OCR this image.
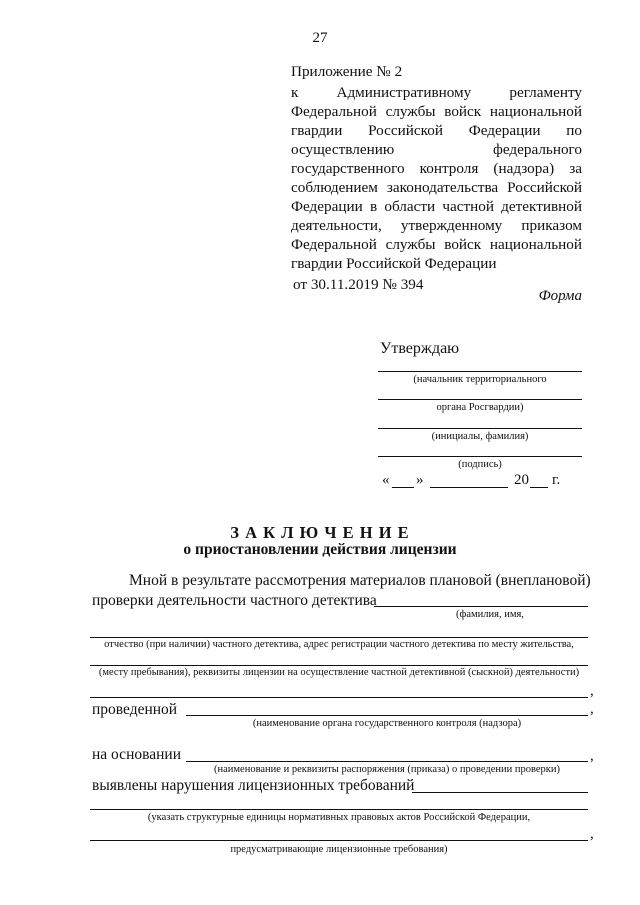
27
Приложение № 2
к Административному регламенту
Федеральной службы войск национальной
гвардии Российской Федерации по
осуществлению федерального
государственного контроля (надзора) за
соблюдением законодательства Российской
Федерации в области частной детективной
деятельности, утвержденному приказом
Федеральной службы войск национальной
гвардии Российской Федерации
от 30.11.2019 № 394
Форма
Утверждаю
(начальник территориального
органа Росгвардии)
(инициалы, фамилия)
(подпись)
« »	20 г.
З А К Л Ю Ч Е Н И Е
о приостановлении действия лицензии
Мной в результате рассмотрения материалов плановой (внеплановой)
проверки деятельности частного детектива
(фамилия, имя,
отчество (при наличии) частного детектива, адрес регистрации частного детектива по месту жительства,
(месту пребывания), реквизиты лицензии на осуществление частной детективной (сыскной) деятельности)
,
проведенной	,
(наименование органа государственного контроля (надзора)
на основании	,
(наименование и реквизиты распоряжения (приказа) о проведении проверки)
выявлены нарушения лицензионных требований
(указать структурные единицы нормативных правовых актов Российской Федерации,
,
предусматривающие лицензионные требования)
